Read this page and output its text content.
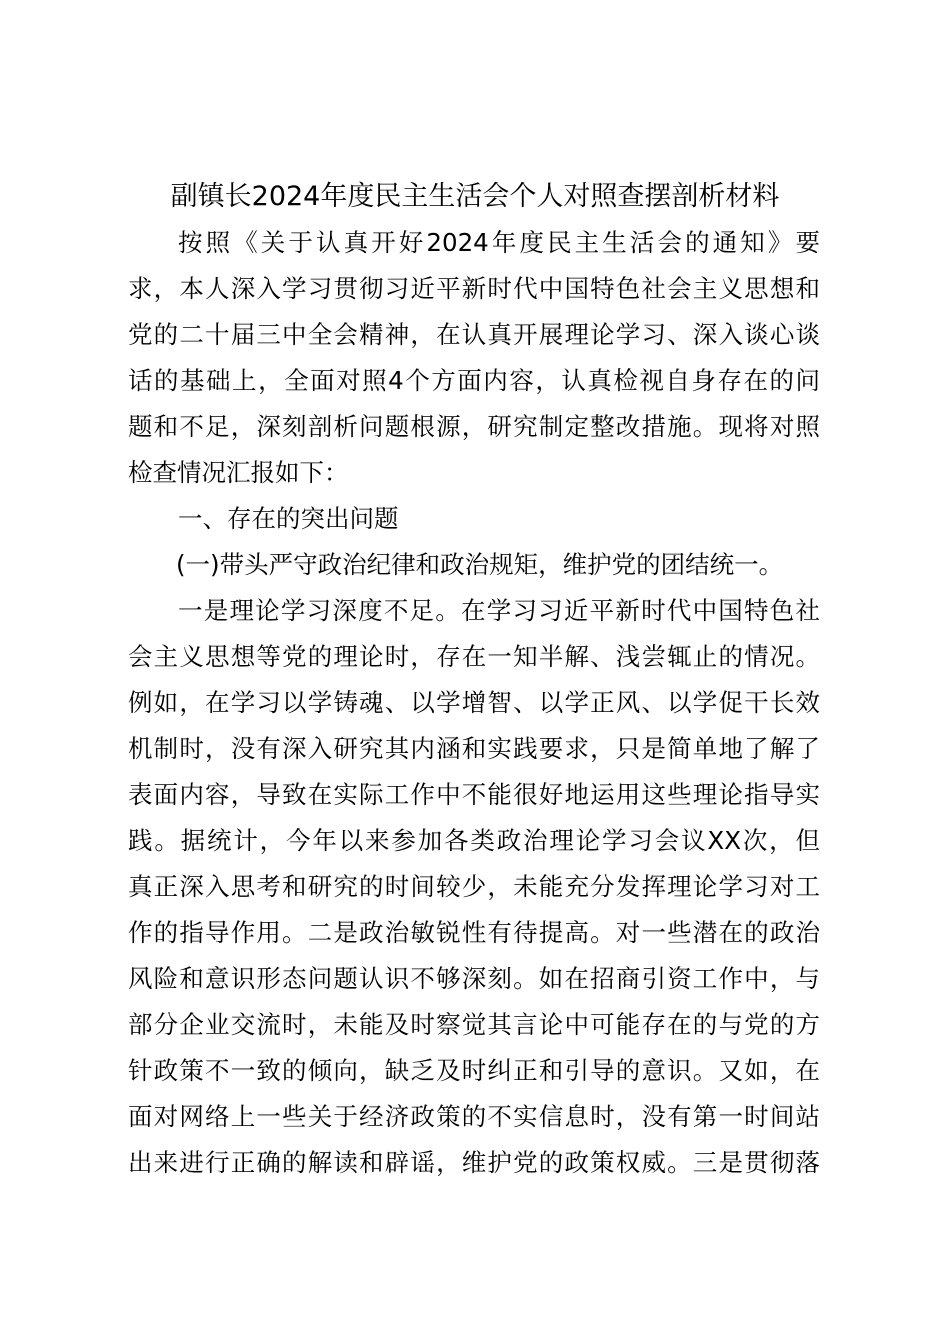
副镇长2024年度民主生活会个人对照查摆剖析材料
按照《关于认真开好2024年度民主生活会的通知》要
求，本人深入学习贯彻习近平新时代中国特色社会主义思想和
党的二十届三中全会精神，在认真开展理论学习、深入谈心谈
话的基础上，全面对照4个方面内容，认真检视自身存在的问
题和不足，深刻剖析问题根源，研究制定整改措施。现将对照
检查情况汇报如下：
一、存在的突出问题
(一)带头严守政治纪律和政治规矩，维护党的团结统一。
一是理论学习深度不足。在学习习近平新时代中国特色社
会主义思想等党的理论时，存在一知半解、浅尝辄止的情况。
例如，在学习以学铸魂、以学增智、以学正风、以学促干长效
机制时，没有深入研究其内涵和实践要求，只是简单地了解了
表面内容，导致在实际工作中不能很好地运用这些理论指导实
践。据统计，今年以来参加各类政治理论学习会议XX次，但
真正深入思考和研究的时间较少，未能充分发挥理论学习对工
作的指导作用。二是政治敏锐性有待提高。对一些潜在的政治
风险和意识形态问题认识不够深刻。如在招商引资工作中，与
部分企业交流时，未能及时察觉其言论中可能存在的与党的方
针政策不一致的倾向，缺乏及时纠正和引导的意识。又如，在
面对网络上一些关于经济政策的不实信息时，没有第一时间站
出来进行正确的解读和辟谣，维护党的政策权威。三是贯彻落
